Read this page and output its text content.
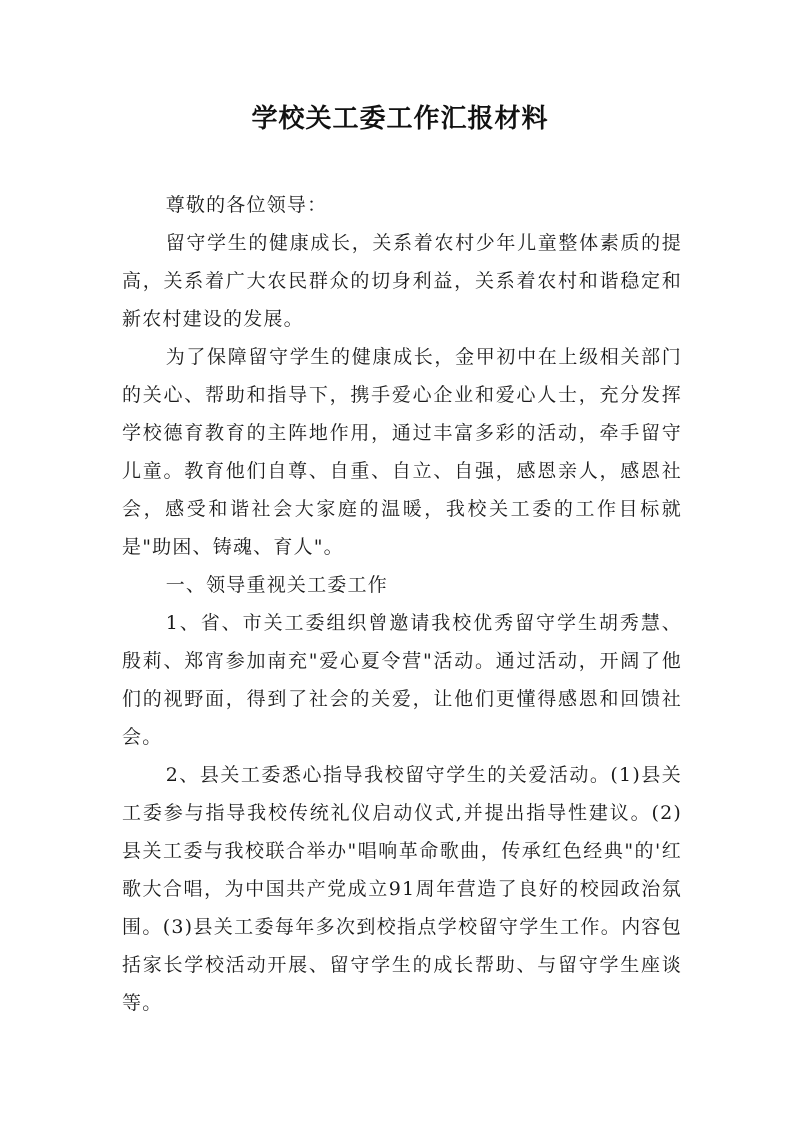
学校关工委工作汇报材料

尊敬的各位领导：

留守学生的健康成长，关系着农村少年儿童整体素质的提高，关系着广大农民群众的切身利益，关系着农村和谐稳定和新农村建设的发展。

为了保障留守学生的健康成长，金甲初中在上级相关部门的关心、帮助和指导下，携手爱心企业和爱心人士，充分发挥学校德育教育的主阵地作用，通过丰富多彩的活动，牵手留守儿童。教育他们自尊、自重、自立、自强，感恩亲人，感恩社会，感受和谐社会大家庭的温暖，我校关工委的工作目标就是"助困、铸魂、育人"。

一、领导重视关工委工作

1、省、市关工委组织曾邀请我校优秀留守学生胡秀慧、殷莉、郑宵参加南充"爱心夏令营"活动。通过活动，开阔了他们的视野面，得到了社会的关爱，让他们更懂得感恩和回馈社会。

2、县关工委悉心指导我校留守学生的关爱活动。(1)县关工委参与指导我校传统礼仪启动仪式,并提出指导性建议。(2)县关工委与我校联合举办"唱响革命歌曲，传承红色经典"的'红歌大合唱，为中国共产党成立91周年营造了良好的校园政治氛围。(3)县关工委每年多次到校指点学校留守学生工作。内容包括家长学校活动开展、留守学生的成长帮助、与留守学生座谈等。
